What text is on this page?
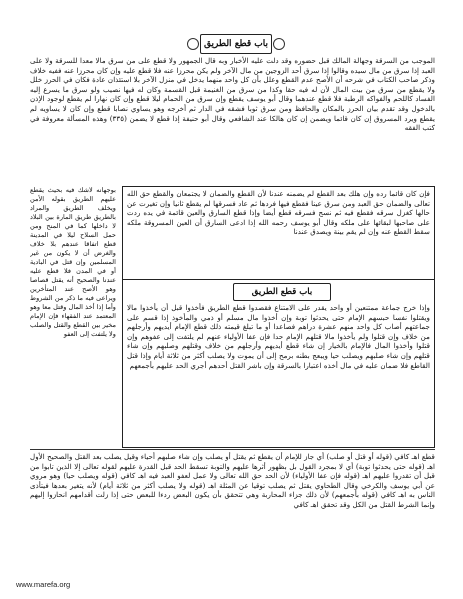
باب قطع الطريق
الموجب من السرقة وجهالة المالك قبل حضوره وقد دلت عليه الأخبار وبه قال الجمهور ولا قطع على من سرق مالا معدا للسرقة ولا على العبد إذا سرق من مال سيده وقالوا إذا سرق أحد الزوجين من مال الآخر ولم يكن محرزا عنه فلا قطع عليه وإن كان محرزا عنه ففيه خلاف وذكر صاحب الكتاب في شرحه أن الأصح عدم القطع وعلل بأن كل واحد منهما يدخل في منزل الآخر بلا استئذان عادة فكان في الحرز خلل ولا يقطع من سرق من بيت المال لأن له فيه حقا وكذا من سرق من الغنيمة قبل القسمة وكان له فيها نصيب ولو سرق ما يسرع إليه الفساد كاللحم والفواكه الرطبة فلا قطع عندهما وقال أبو يوسف يقطع وإن سرق من الحمام ليلا قطع وإن كان نهارا لم يقطع لوجود الإذن بالدخول وقد تقدم بيان الحرز بالمكان والحافظ ومن سرق ثوبا فشقه في الدار ثم أخرجه وهو يساوي نصابا قطع وإن كان لا يساويه لم يقطع ويرد المسروق إن كان قائما ويضمن إن كان هالكا عند الشافعي وقال أبو حنيفة إذا قطع لا يضمن (٣٣٥) وهذه المسألة معروفة في كتب الفقه
بوجهانه لاشك فيه بحيث يقطع عليهم الطريق بقوله الأمن ويخلف الطريق والمراد بالطريق طريق المارة بين البلاد لا داخلها كما في المنح ومن حمل السلاح ليلا في المدينة قطع اتفاقا عندهم بلا خلاف والغرض أن لا يكون من غير المسلمين وإن قتل في البادية أو في المدن فلا قطع عليه عندنا والصحيح أنه يقتل قصاصا وهو الأصح عند المتأخرين ويراعى فيه ما ذكر من الشروط وأما إذا أخذ المال وقتل معا وهو المعتمد عند الفقهاء فإن الإمام مخير بين القطع والقتل والصلب ولا يلتفت إلى العفو
فإن كان قائما رده وإن هلك بعد القطع لم يضمنه عندنا لأن القطع والضمان لا يجتمعان والقطع حق الله تعالى والضمان حق العبد ومن سرق عينا فقطع فيها فردها ثم عاد فسرقها لم يقطع ثانيا وإن تغيرت عن حالها كغزل سرقه فقطع فيه ثم نسج فسرقه قطع أيضا وإذا قطع السارق والعين قائمة في يده ردت على صاحبها لبقائها على ملكه وقال أبو يوسف رحمه الله إذا ادعى السارق أن العين المسروقة ملكه سقط القطع عنه وإن لم يقم بينة ويصدق عندنا
باب قطع الطريق
وإذا خرج جماعة ممتنعين أو واحد يقدر على الامتناع فقصدوا قطع الطريق فأخذوا قبل أن يأخذوا مالا ويقتلوا نفسا حبسهم الإمام حتى يحدثوا توبة وإن أخذوا مال مسلم أو ذمي والمأخوذ إذا قسم على جماعتهم أصاب كل واحد منهم عشرة دراهم فصاعدا أو ما تبلغ قيمته ذلك قطع الإمام أيديهم وأرجلهم من خلاف وإن قتلوا ولم يأخذوا مالا قتلهم الإمام حدا فإن عفا الأولياء عنهم لم يلتفت إلى عفوهم وإن قتلوا وأخذوا المال فالإمام بالخيار إن شاء قطع أيديهم وأرجلهم من خلاف وقتلهم وصلبهم وإن شاء قتلهم وإن شاء صلبهم ويصلب حيا ويبعج بطنه برمح إلى أن يموت ولا يصلب أكثر من ثلاثة أيام وإذا قتل القاطع فلا ضمان عليه في مال أخذه اعتبارا بالسرقة وإن باشر القتل أحدهم أجري الحد عليهم بأجمعهم
قطع اهـ كافي (قوله أو قتل أو صلب) أي جاز للإمام أن يقطع ثم يقتل أو يصلب وإن شاء صلبهم أحياء وقيل يصلب بعد القتل والصحيح الأول اهـ (قوله حتى يحدثوا توبة) أي لا بمجرد القول بل بظهور أثرها عليهم والتوبة تسقط الحد قبل القدرة عليهم لقوله تعالى إلا الذين تابوا من قبل أن تقدروا عليهم اهـ (قوله فإن عفا الأولياء) لأن الحد حق الله تعالى ولا عمل لعفو العبد فيه اهـ كافي (قوله ويصلب حيا) وهو مروي عن أبي يوسف والكرخي وقال الطحاوي يقتل ثم يصلب توقيا عن المثلة اهـ (قوله ولا يصلب أكثر من ثلاثة أيام) لأنه يتغير بعدها فيتأذى الناس به اهـ كافي (قوله بأجمعهم) لأن ذلك جزاء المحاربة وهي تتحقق بأن يكون البعض ردءا للبعض حتى إذا زلت أقدامهم انحازوا إليهم وإنما الشرط القتل من الكل وقد تحقق اهـ كافي
www.marefa.org
